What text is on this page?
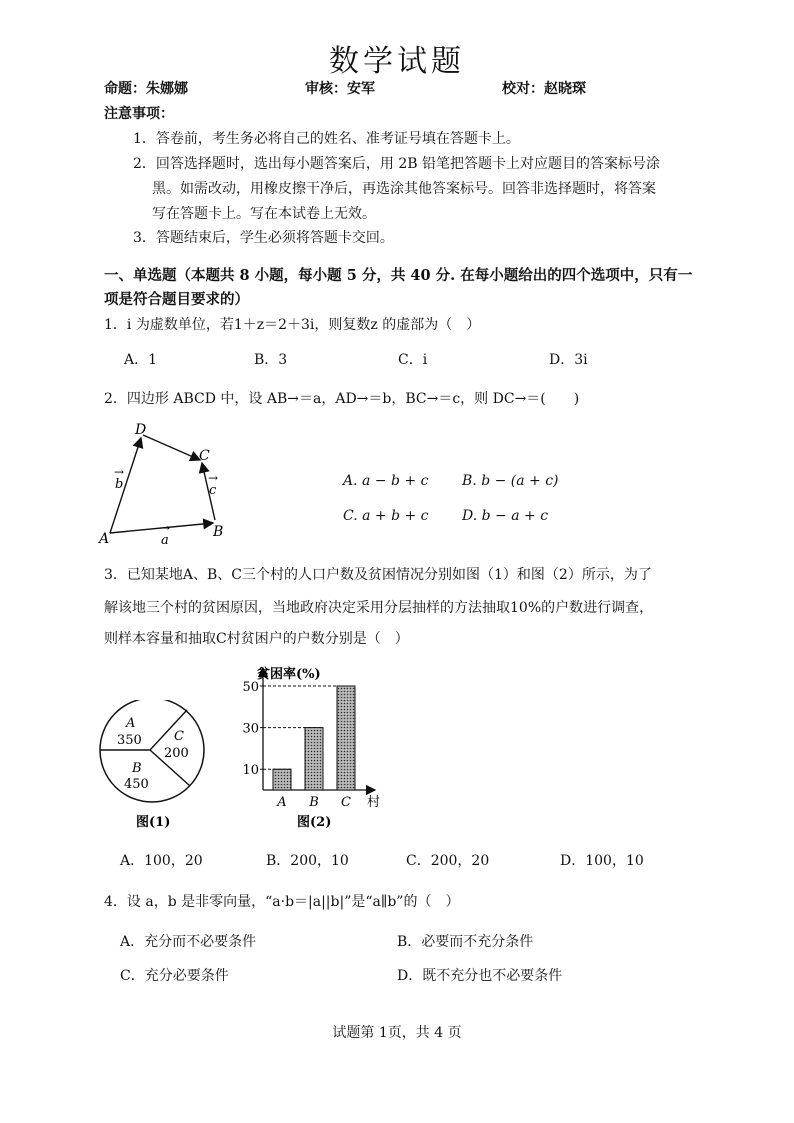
数学试题
命题：朱娜娜	审核：安军	校对：赵晓琛
注意事项：
1．答卷前，考生务必将自己的姓名、准考证号填在答题卡上。
2．回答选择题时，选出每小题答案后，用 2B 铅笔把答题卡上对应题目的答案标号涂
黑。如需改动，用橡皮擦干净后，再选涂其他答案标号。回答非选择题时，将答案
写在答题卡上。写在本试卷上无效。
3．答题结束后，学生必须将答题卡交回。
一、单选题（本题共 8 小题，每小题 5 分，共 40 分. 在每小题给出的四个选项中，只有一
项是符合题目要求的）
1．i 为虚数单位，若1＋z＝2＋3i，则复数z 的虚部为（　）
A．1	B．3	C．i	D．3i
2．四边形 ABCD 中，设 AB→＝a，AD→＝b，BC→＝c，则 DC→＝(　　)
A	B
C
D
a
b	c
→
→	→	A. a − b + c B. b − (a + c)
C. a + b + c D. b − a + c
3．已知某地A、B、C三个村的人口户数及贫困情况分别如图（1）和图（2）所示，为了
解该地三个村的贫困原因，当地政府决定采用分层抽样的方法抽取10%的户数进行调查，
则样本容量和抽取C村贫困户的户数分别是（　）
A
350
B
450
C
200
图(1)
贫困率(%)
村
10
30
50
A B C
图(2)
A．100，20	B．200，10	C．200，20	D．100，10
4．设 a，b 是非零向量，“a·b＝|a||b|”是“a∥b”的（　）
A．充分而不必要条件	B．必要而不充分条件
C．充分必要条件	D．既不充分也不必要条件
试题第 1页，共 4 页
